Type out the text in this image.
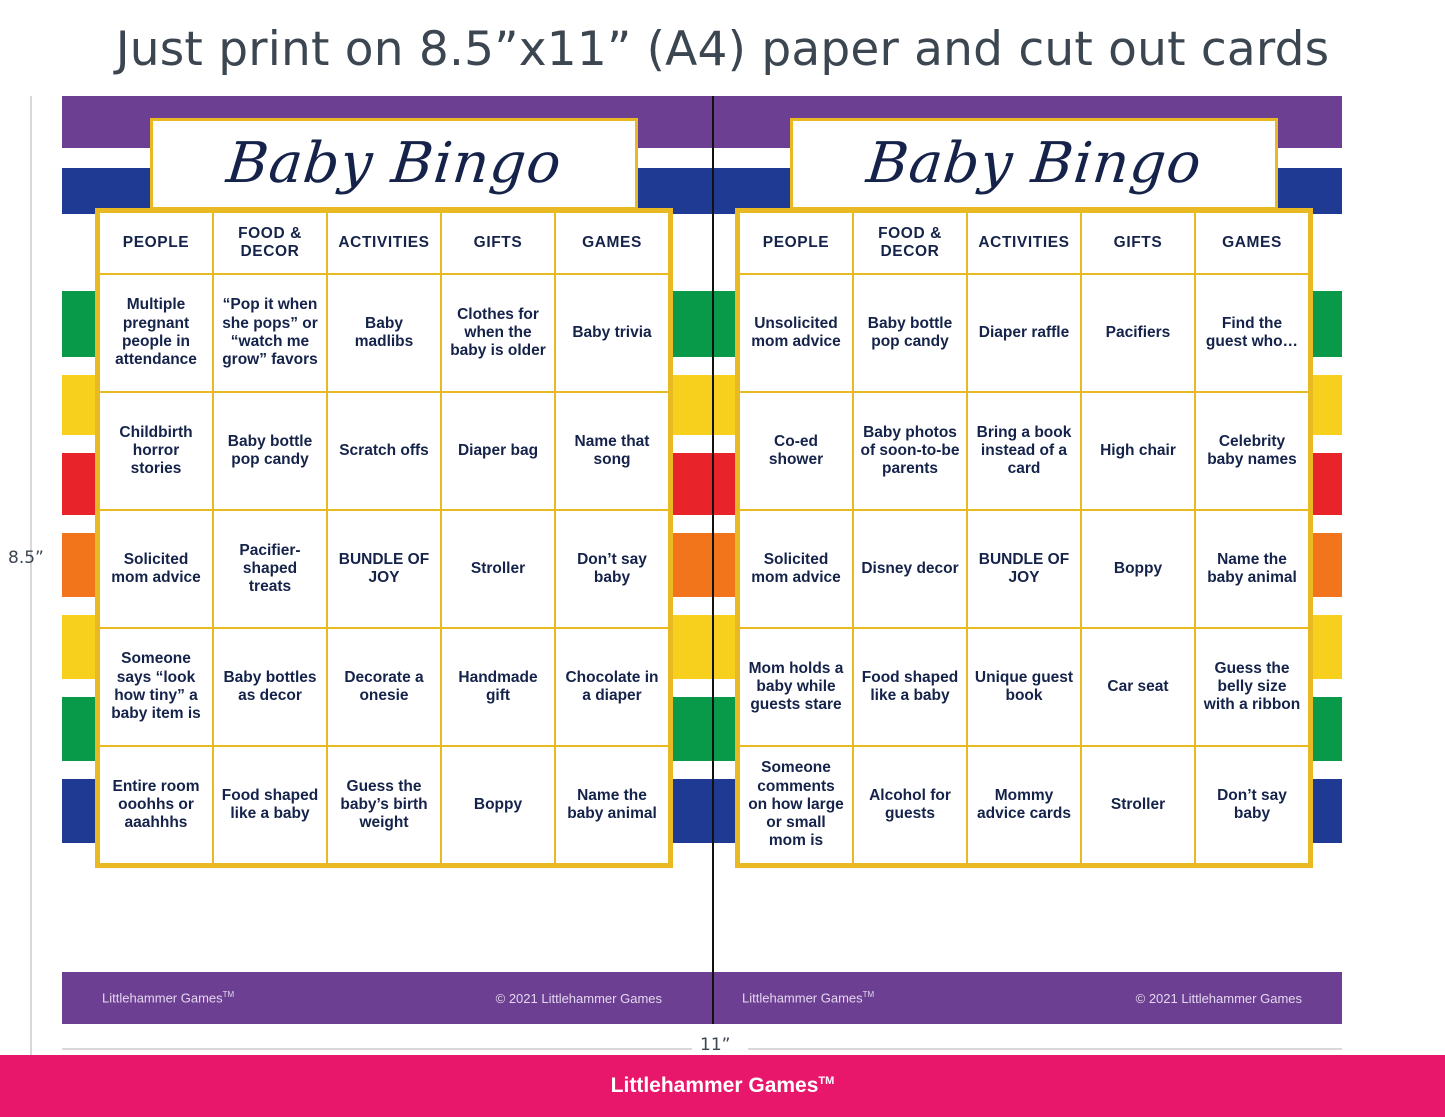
Just print on 8.5”x11” (A4) paper and cut out cards
8.5”
11”
Baby Bingo
PEOPLE	FOOD & DECOR	ACTIVITIES	GIFTS	GAMES
Multiple pregnant people in attendance	“Pop it when she pops” or “watch me grow” favors	Baby madlibs	Clothes for when the baby is older	Baby trivia
Childbirth horror stories	Baby bottle pop candy	Scratch offs	Diaper bag	Name that song
Solicited mom advice	Pacifier-shaped treats	BUNDLE OF JOY	Stroller	Don’t say baby
Someone says “look how tiny” a baby item is	Baby bottles as decor	Decorate a onesie	Handmade gift	Chocolate in a diaper
Entire room ooohhs or aaahhhs	Food shaped like a baby	Guess the baby’s birth weight	Boppy	Name the baby animal
Littlehammer Games™	© 2021 Littlehammer Games
Baby Bingo
PEOPLE	FOOD & DECOR	ACTIVITIES	GIFTS	GAMES
Unsolicited mom advice	Baby bottle pop candy	Diaper raffle	Pacifiers	Find the guest who…
Co-ed shower	Baby photos of soon-to-be parents	Bring a book instead of a card	High chair	Celebrity baby names
Solicited mom advice	Disney decor	BUNDLE OF JOY	Boppy	Name the baby animal
Mom holds a baby while guests stare	Food shaped like a baby	Unique guest book	Car seat	Guess the belly size with a ribbon
Someone comments on how large or small mom is	Alcohol for guests	Mommy advice cards	Stroller	Don’t say baby
Littlehammer Games™	© 2021 Littlehammer Games
Littlehammer Games™
